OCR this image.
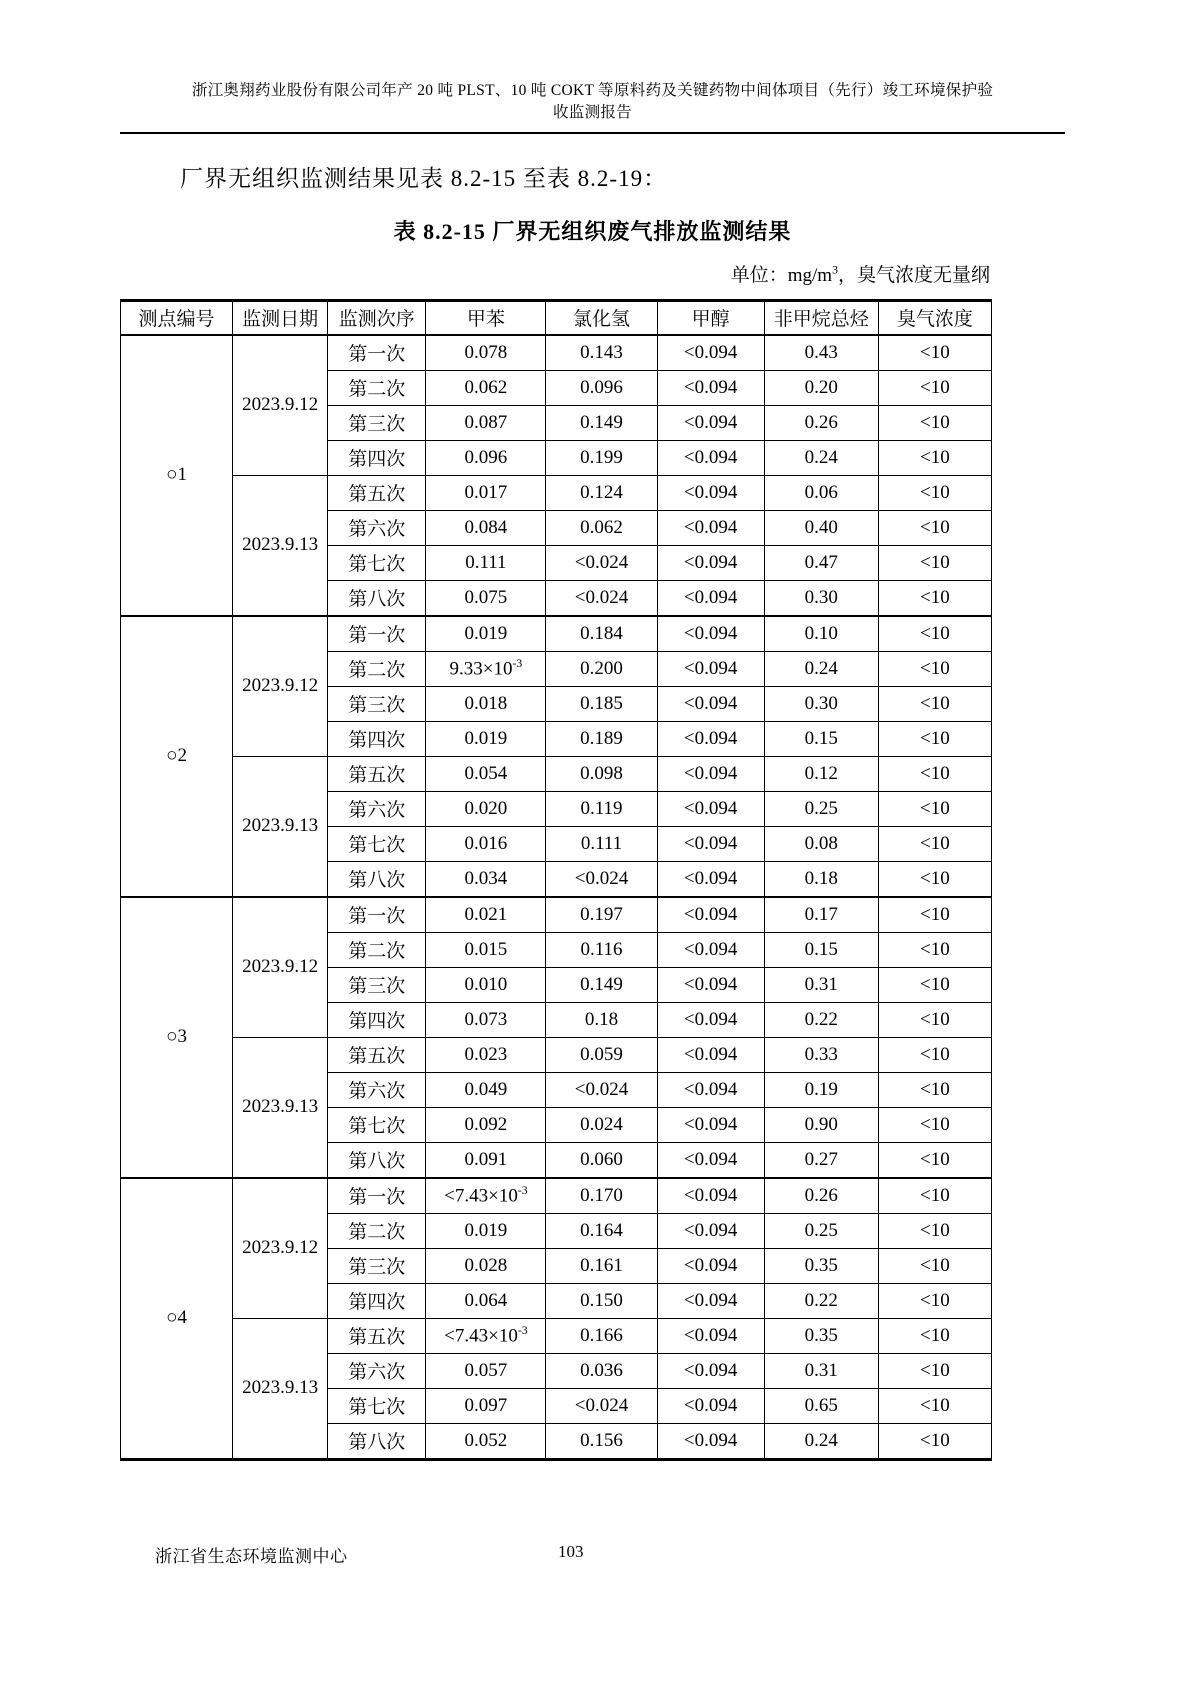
浙江奥翔药业股份有限公司年产 20 吨 PLST、10 吨 COKT 等原料药及关键药物中间体项目（先行）竣工环境保护验
收监测报告

厂界无组织监测结果见表 8.2-15 至表 8.2-19：

表 8.2-15 厂界无组织废气排放监测结果
单位：$mg/m^3$，臭气浓度无量纲
测点编号	监测日期	监测次序	甲苯	氯化氢	甲醇	非甲烷总烃	臭气浓度
○1	2023.9.12	第一次	0.078	0.143	<0.094	0.43	<10
		第二次	0.062	0.096	<0.094	0.20	<10
		第三次	0.087	0.149	<0.094	0.26	<10
		第四次	0.096	0.199	<0.094	0.24	<10
	2023.9.13	第五次	0.017	0.124	<0.094	0.06	<10
		第六次	0.084	0.062	<0.094	0.40	<10
		第七次	0.111	<0.024	<0.094	0.47	<10
		第八次	0.075	<0.024	<0.094	0.30	<10
○2	2023.9.12	第一次	0.019	0.184	<0.094	0.10	<10
		第二次	$9.33\times 10^{-3}$	0.200	<0.094	0.24	<10
		第三次	0.018	0.185	<0.094	0.30	<10
		第四次	0.019	0.189	<0.094	0.15	<10
	2023.9.13	第五次	0.054	0.098	<0.094	0.12	<10
		第六次	0.020	0.119	<0.094	0.25	<10
		第七次	0.016	0.111	<0.094	0.08	<10
		第八次	0.034	<0.024	<0.094	0.18	<10
○3	2023.9.12	第一次	0.021	0.197	<0.094	0.17	<10
		第二次	0.015	0.116	<0.094	0.15	<10
		第三次	0.010	0.149	<0.094	0.31	<10
		第四次	0.073	0.18	<0.094	0.22	<10
	2023.9.13	第五次	0.023	0.059	<0.094	0.33	<10
		第六次	0.049	<0.024	<0.094	0.19	<10
		第七次	0.092	0.024	<0.094	0.90	<10
		第八次	0.091	0.060	<0.094	0.27	<10
○4	2023.9.12	第一次	$<7.43\times 10^{-3}$	0.170	<0.094	0.26	<10
		第二次	0.019	0.164	<0.094	0.25	<10
		第三次	0.028	0.161	<0.094	0.35	<10
		第四次	0.064	0.150	<0.094	0.22	<10
	2023.9.13	第五次	$<7.43\times 10^{-3}$	0.166	<0.094	0.35	<10
		第六次	0.057	0.036	<0.094	0.31	<10
		第七次	0.097	<0.024	<0.094	0.65	<10
		第八次	0.052	0.156	<0.094	0.24	<10
浙江省生态环境监测中心	103
